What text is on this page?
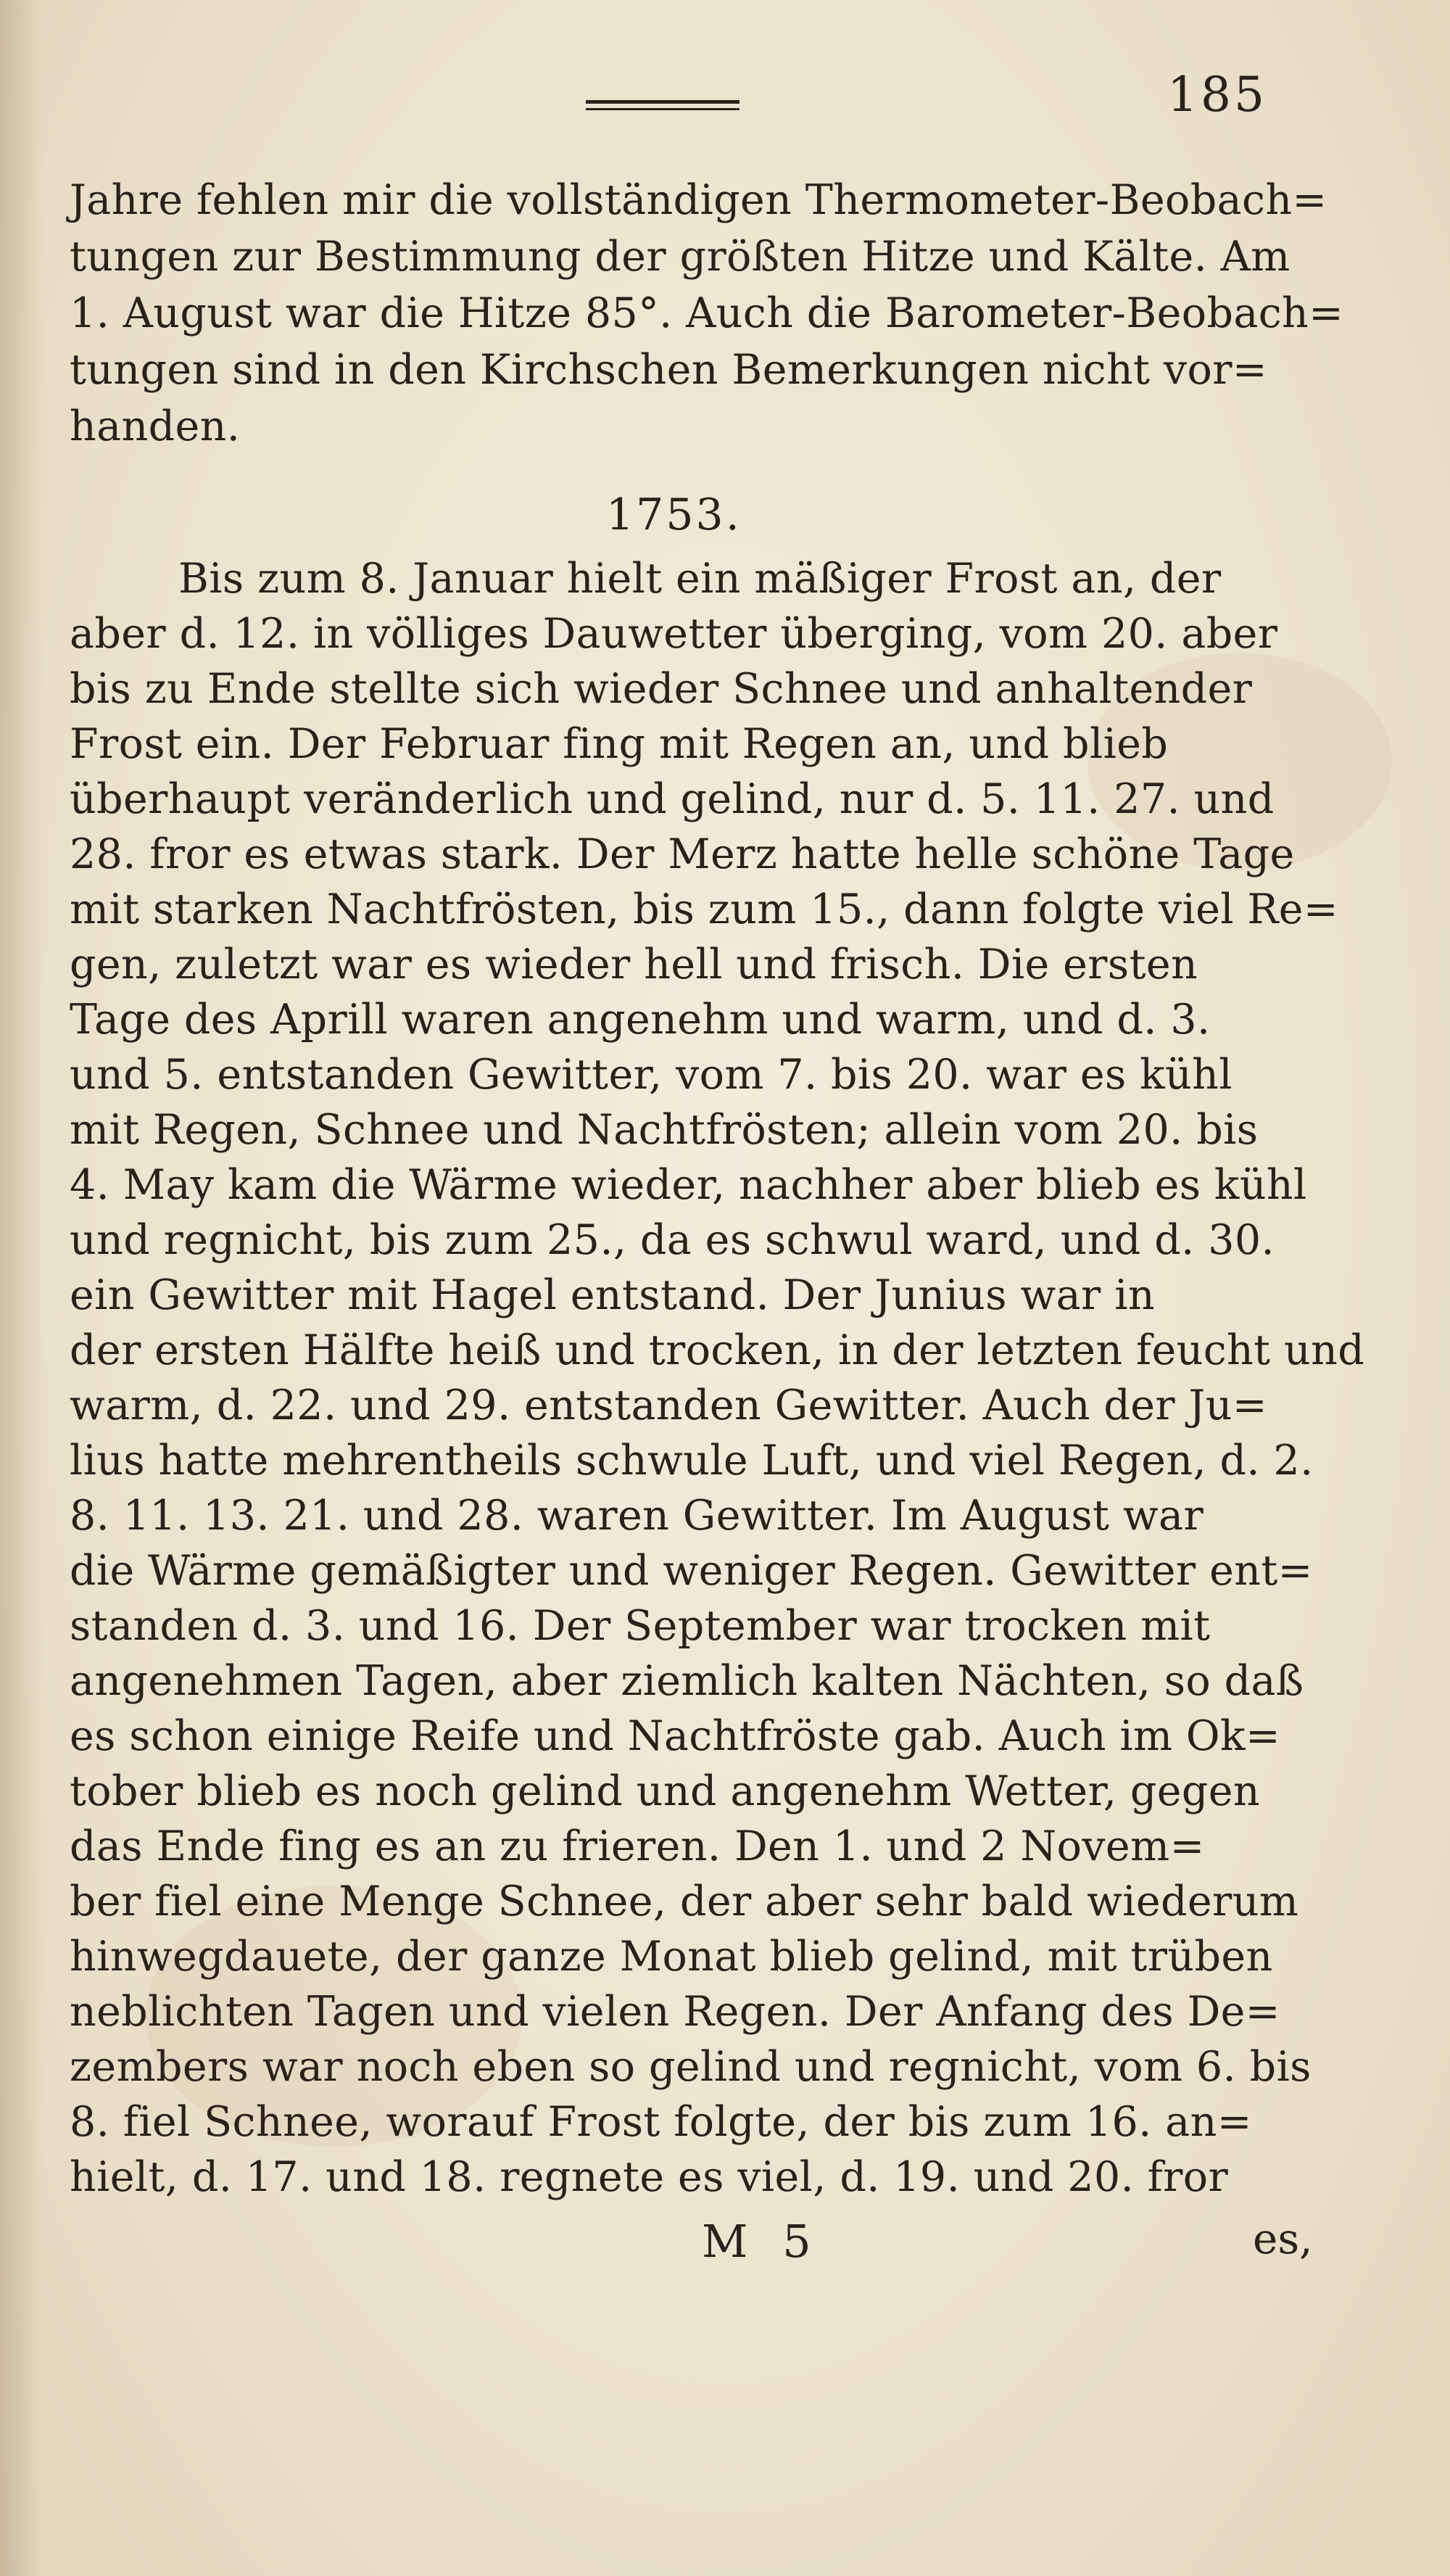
185
Jahre fehlen mir die vollständigen Thermometer-Beobach=
tungen zur Bestimmung der größten Hitze und Kälte. Am
1. August war die Hitze 85°. Auch die Barometer-Beobach=
tungen sind in den Kirchschen Bemerkungen nicht vor=
handen.
1753.
Bis zum 8. Januar hielt ein mäßiger Frost an, der
aber d. 12. in völliges Dauwetter überging, vom 20. aber
bis zu Ende stellte sich wieder Schnee und anhaltender
Frost ein. Der Februar fing mit Regen an, und blieb
überhaupt veränderlich und gelind, nur d. 5. 11. 27. und
28. fror es etwas stark. Der Merz hatte helle schöne Tage
mit starken Nachtfrösten, bis zum 15., dann folgte viel Re=
gen, zuletzt war es wieder hell und frisch. Die ersten
Tage des Aprill waren angenehm und warm, und d. 3.
und 5. entstanden Gewitter, vom 7. bis 20. war es kühl
mit Regen, Schnee und Nachtfrösten; allein vom 20. bis
4. May kam die Wärme wieder, nachher aber blieb es kühl
und regnicht, bis zum 25., da es schwul ward, und d. 30.
ein Gewitter mit Hagel entstand. Der Junius war in
der ersten Hälfte heiß und trocken, in der letzten feucht und
warm, d. 22. und 29. entstanden Gewitter. Auch der Ju=
lius hatte mehrentheils schwule Luft, und viel Regen, d. 2.
8. 11. 13. 21. und 28. waren Gewitter. Im August war
die Wärme gemäßigter und weniger Regen. Gewitter ent=
standen d. 3. und 16. Der September war trocken mit
angenehmen Tagen, aber ziemlich kalten Nächten, so daß
es schon einige Reife und Nachtfröste gab. Auch im Ok=
tober blieb es noch gelind und angenehm Wetter, gegen
das Ende fing es an zu frieren. Den 1. und 2 Novem=
ber fiel eine Menge Schnee, der aber sehr bald wiederum
hinwegdauete, der ganze Monat blieb gelind, mit trüben
neblichten Tagen und vielen Regen. Der Anfang des De=
zembers war noch eben so gelind und regnicht, vom 6. bis
8. fiel Schnee, worauf Frost folgte, der bis zum 16. an=
hielt, d. 17. und 18. regnete es viel, d. 19. und 20. fror
M 5	es,
